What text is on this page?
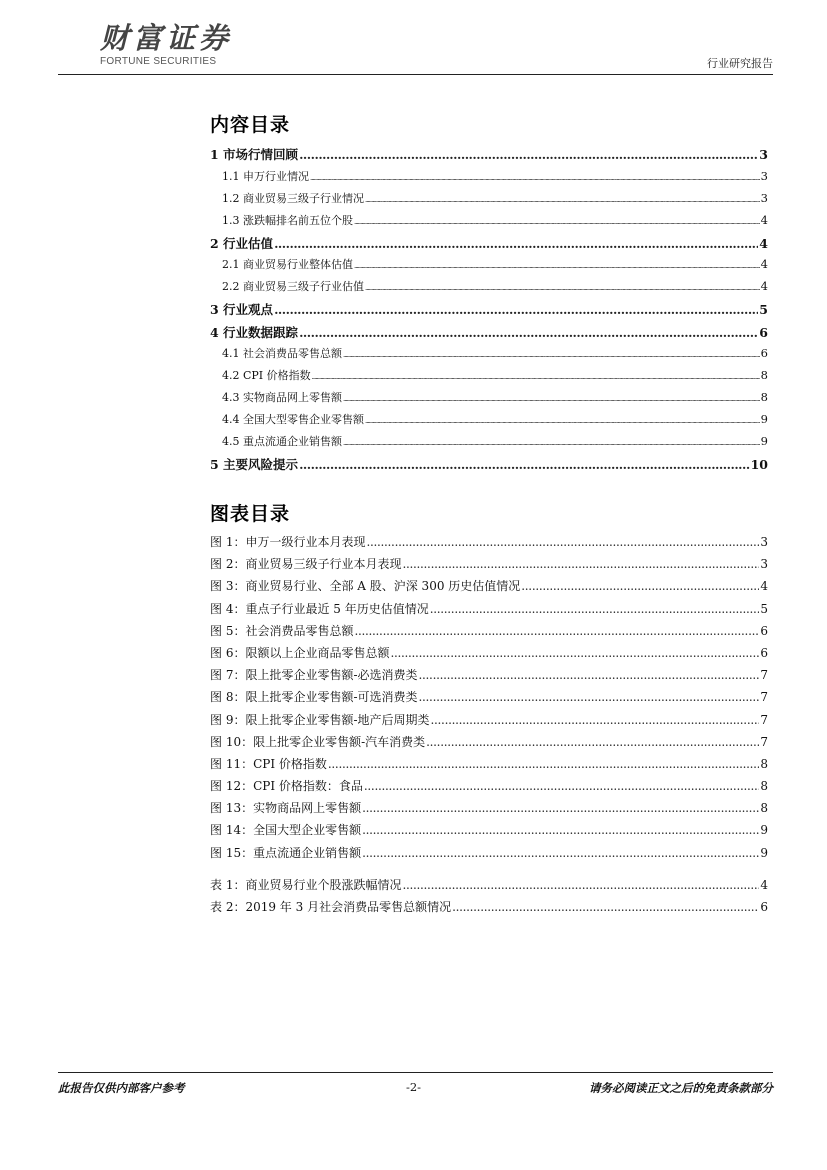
财富证券
FORTUNE SECURITIES	行业研究报告
内容目录
1 市场行情回顾 .....	3
1.1 申万行业情况 .....	3
1.2 商业贸易三级子行业情况 .....	3
1.3 涨跌幅排名前五位个股 .....	4
2 行业估值 .....	4
2.1 商业贸易行业整体估值 .....	4
2.2 商业贸易三级子行业估值 .....	4
3 行业观点 .....	5
4 行业数据跟踪 .....	6
4.1 社会消费品零售总额 .....	6
4.2 CPI 价格指数 .....	8
4.3 实物商品网上零售额 .....	8
4.4 全国大型零售企业零售额 .....	9
4.5 重点流通企业销售额 .....	9
5 主要风险提示 .....	10
图表目录
图 1：申万一级行业本月表现 .....	3
图 2：商业贸易三级子行业本月表现 .....	3
图 3：商业贸易行业、全部 A 股、沪深 300 历史估值情况 .....	4
图 4：重点子行业最近 5 年历史估值情况 .....	5
图 5：社会消费品零售总额 .....	6
图 6：限额以上企业商品零售总额 .....	6
图 7：限上批零企业零售额-必选消费类 .....	7
图 8：限上批零企业零售额-可选消费类 .....	7
图 9：限上批零企业零售额-地产后周期类 .....	7
图 10：限上批零企业零售额-汽车消费类 .....	7
图 11：CPI 价格指数 .....	8
图 12：CPI 价格指数：食品 .....	8
图 13：实物商品网上零售额 .....	8
图 14：全国大型企业零售额 .....	9
图 15：重点流通企业销售额 .....	9
表 1：商业贸易行业个股涨跌幅情况 .....	4
表 2：2019 年 3 月社会消费品零售总额情况 .....	6
此报告仅供内部客户参考	-2-	请务必阅读正文之后的免责条款部分
